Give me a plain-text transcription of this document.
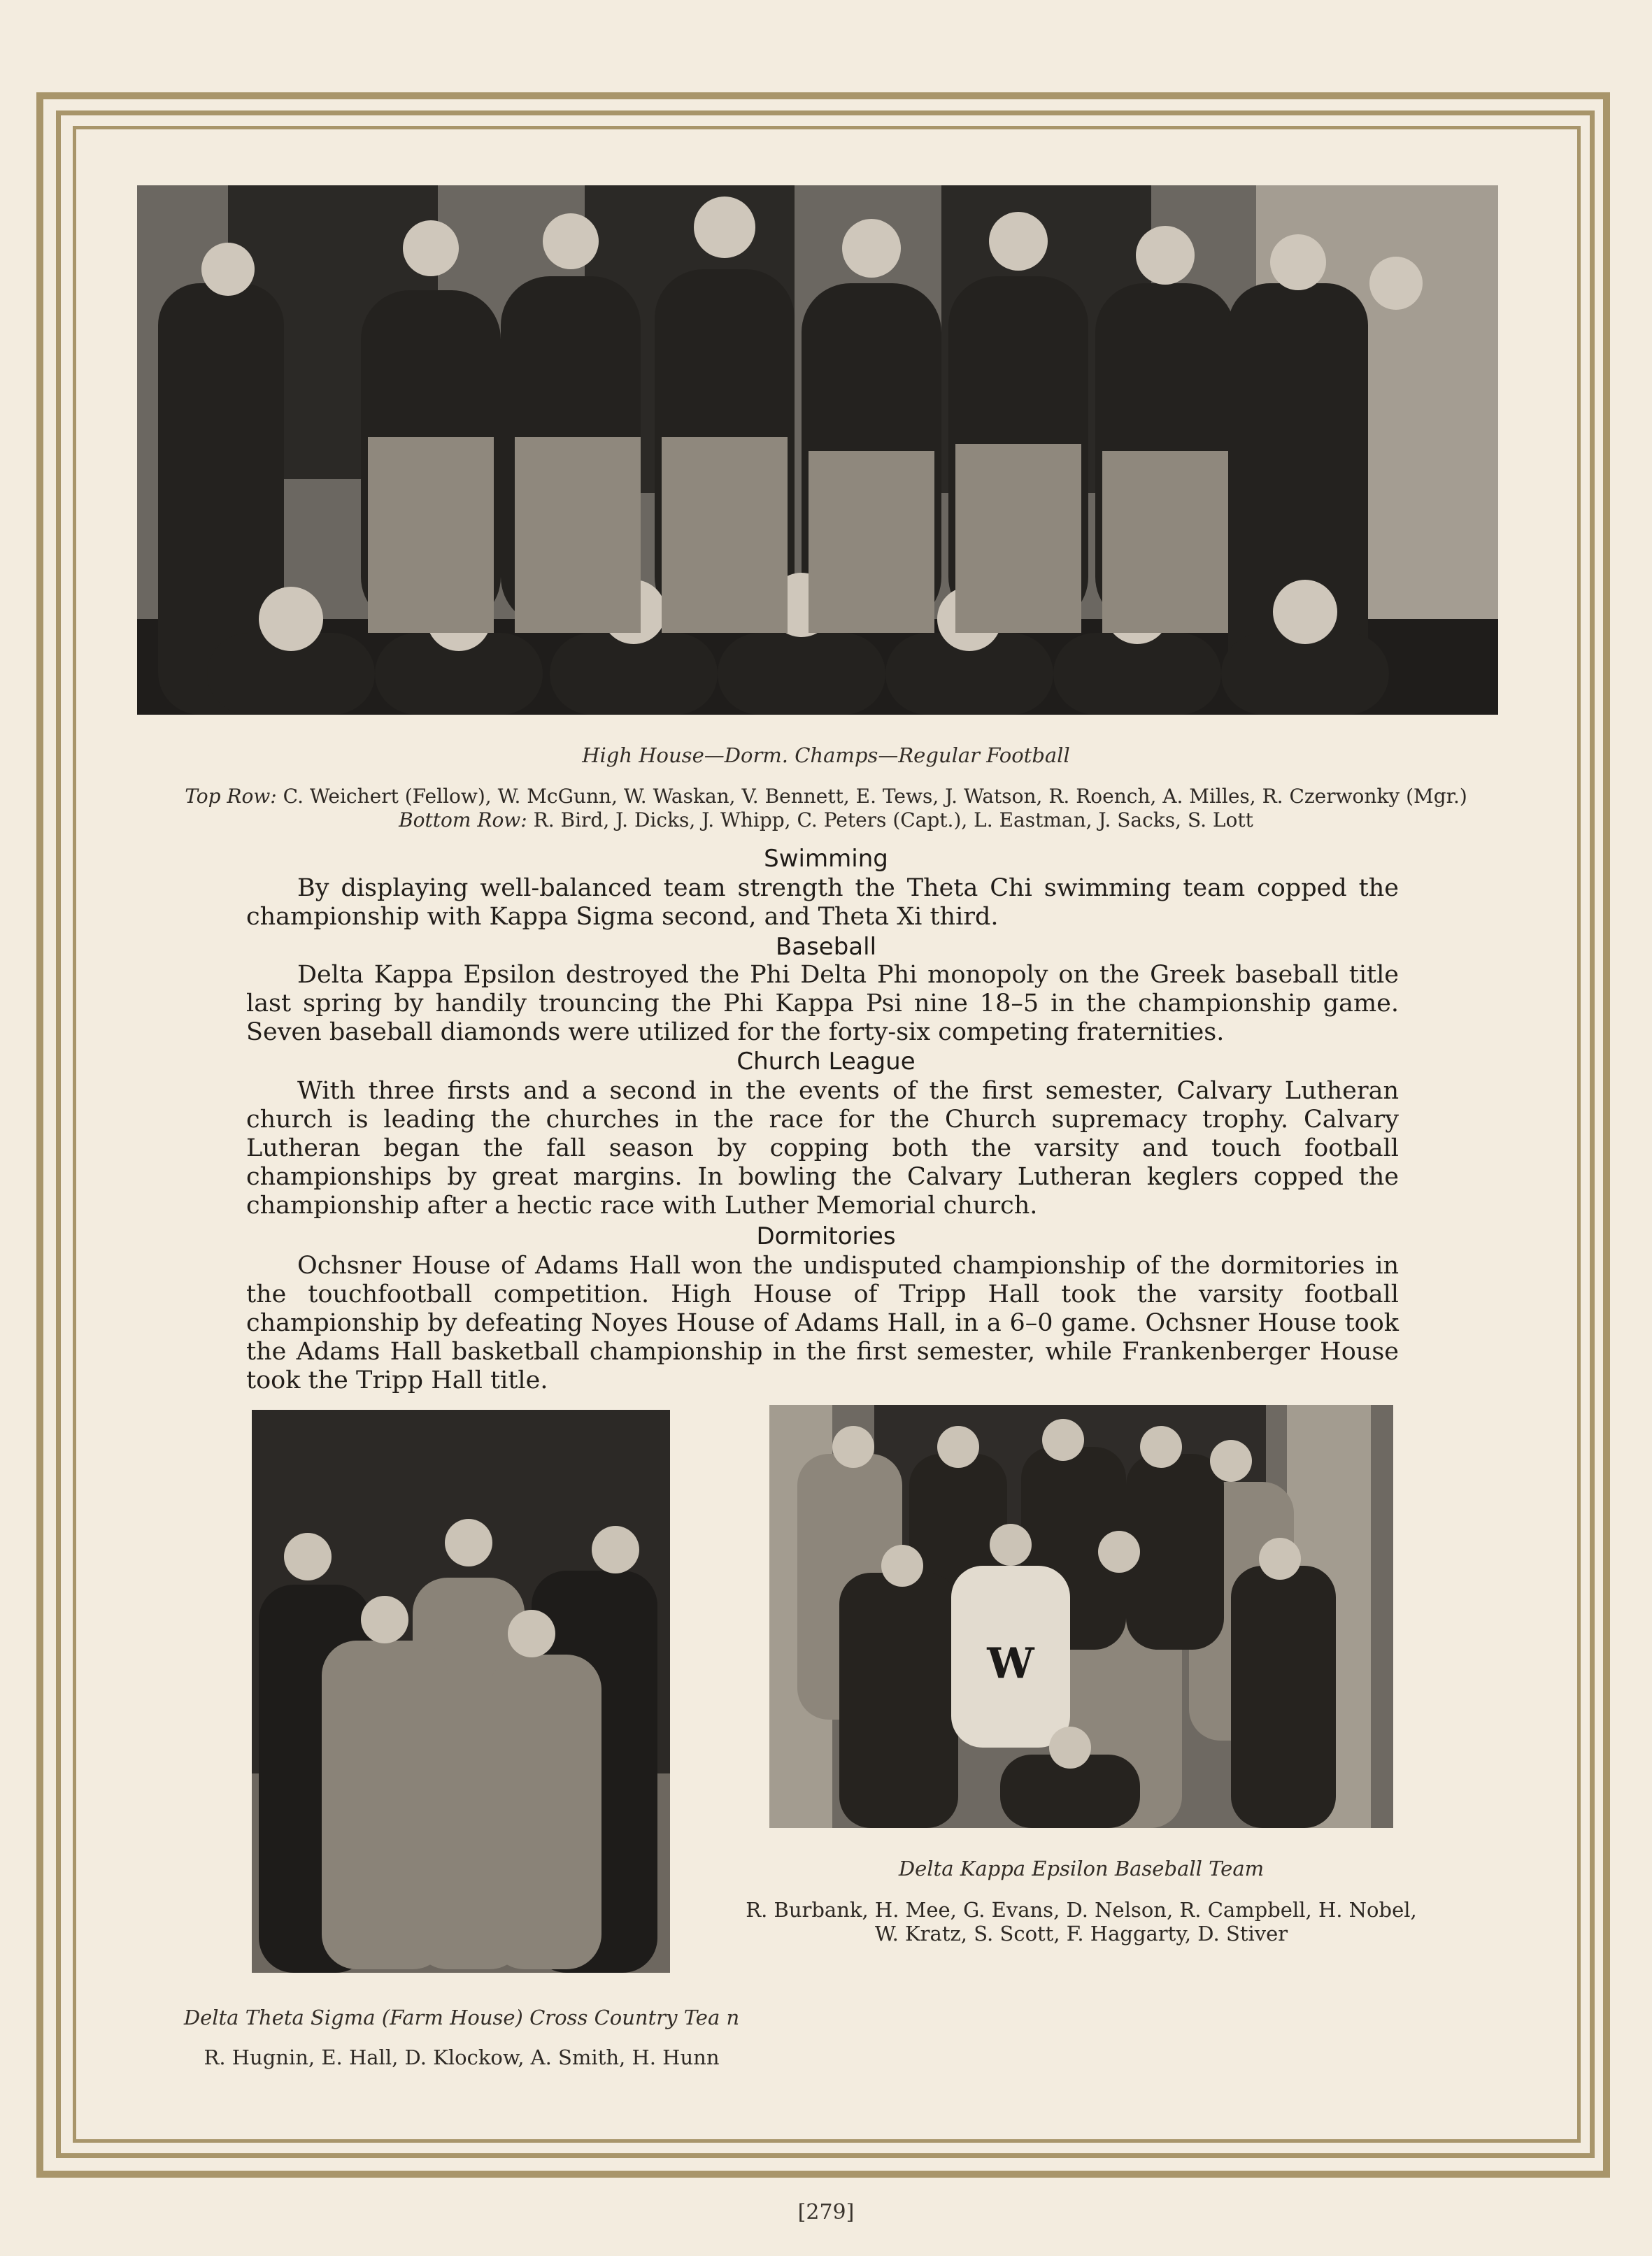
High House—Dorm. Champs—Regular Football
Top Row: C. Weichert (Fellow), W. McGunn, W. Waskan, V. Bennett, E. Tews, J. Watson, R. Roench, A. Milles, R. Czerwonky (Mgr.)
Bottom Row: R. Bird, J. Dicks, J. Whipp, C. Peters (Capt.), L. Eastman, J. Sacks, S. Lott
Swimming
By displaying well-balanced team strength the Theta Chi swimming team copped the championship with Kappa Sigma second, and Theta Xi third.
Baseball
Delta Kappa Epsilon destroyed the Phi Delta Phi monopoly on the Greek baseball title last spring by handily trouncing the Phi Kappa Psi nine 18–5 in the championship game. Seven baseball diamonds were utilized for the forty-six competing fraternities.
Church League
With three firsts and a second in the events of the first semester, Calvary Lutheran church is leading the churches in the race for the Church supremacy trophy. Calvary Lutheran began the fall season by copping both the varsity and touch football championships by great margins. In bowling the Calvary Lutheran keglers copped the championship after a hectic race with Luther Memorial church.
Dormitories
Ochsner House of Adams Hall won the undisputed championship of the dormitories in the touchfootball competition. High House of Tripp Hall took the varsity football championship by defeating Noyes House of Adams Hall, in a 6–0 game. Ochsner House took the Adams Hall basketball championship in the first semester, while Frankenberger House took the Tripp Hall title.
Delta Theta Sigma (Farm House) Cross Country Tea n
R. Hugnin, E. Hall, D. Klockow, A. Smith, H. Hunn
W
Delta Kappa Epsilon Baseball Team
R. Burbank, H. Mee, G. Evans, D. Nelson, R. Campbell, H. Nobel,
W. Kratz, S. Scott, F. Haggarty, D. Stiver
[279]
